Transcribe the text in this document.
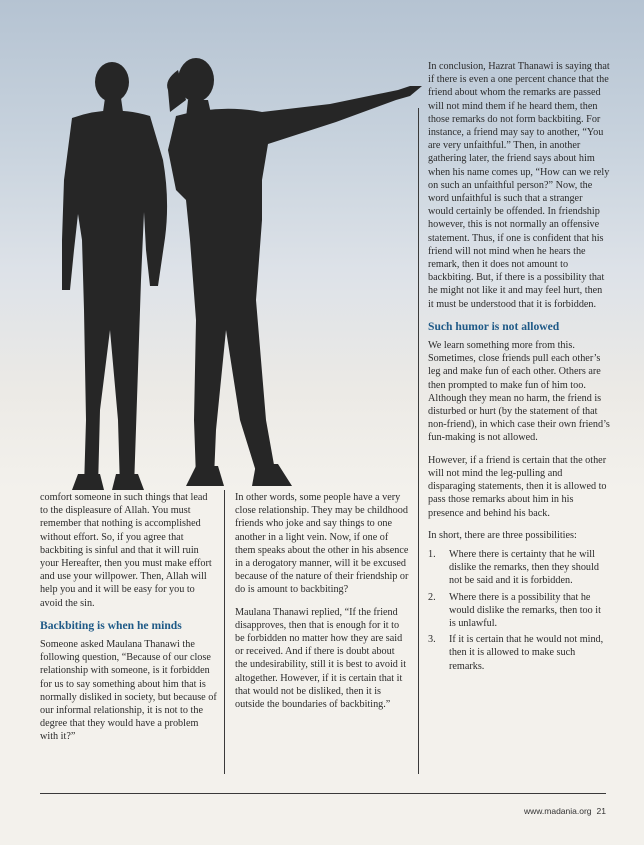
comfort someone in such things that lead to the displeasure of Allah. You must remember that nothing is accomplished without effort. So, if you agree that backbiting is sinful and that it will ruin your Hereafter, then you must make effort and use your willpower. Then, Allah will help you and it will be easy for you to avoid the sin.

Backbiting is when he minds

Someone asked Maulana Thanawi the following question, “Because of our close relationship with someone, is it forbidden for us to say something about him that is normally disliked in society, but because of our informal relationship, it is not to the degree that they would have a problem with it?”

In other words, some people have a very close relationship. They may be childhood friends who joke and say things to one another in a light vein. Now, if one of them speaks about the other in his absence in a derogatory manner, will it be excused because of the nature of their friendship or do is amount to backbiting?

Maulana Thanawi replied, “If the friend disapproves, then that is enough for it to be forbidden no matter how they are said or received. And if there is doubt about the undesirability, still it is best to avoid it altogether. However, if it is certain that it that would not be disliked, then it is outside the boundaries of backbiting.”

In conclusion, Hazrat Thanawi is saying that if there is even a one percent chance that the friend about whom the remarks are passed will not mind them if he heard them, then those remarks do not form backbiting. For instance, a friend may say to another, “You are very unfaithful.” Then, in another gathering later, the friend says about him when his name comes up, “How can we rely on such an unfaithful person?” Now, the word unfaithful is such that a stranger would certainly be offended. In friendship however, this is not normally an offensive statement. Thus, if one is confident that his friend will not mind when he hears the remark, then it does not amount to backbiting. But, if there is a possibility that he might not like it and may feel hurt, then it must be understood that it is forbidden.

Such humor is not allowed

We learn something more from this. Sometimes, close friends pull each other’s leg and make fun of each other. Others are then prompted to make fun of him too. Although they mean no harm, the friend is disturbed or hurt (by the statement of that non-friend), in which case their own friend’s fun-making is not allowed.

However, if a friend is certain that the other will not mind the leg-pulling and disparaging statements, then it is allowed to pass those remarks about him in his presence and behind his back.

In short, there are three possibilities:

1.	Where there is certainty that he will dislike the remarks, then they should not be said and it is forbidden.
2.	Where there is a possibility that he would dislike the remarks, then too it is unlawful.
3.	If it is certain that he would not mind, then it is allowed to make such remarks.
www.madania.org 21
